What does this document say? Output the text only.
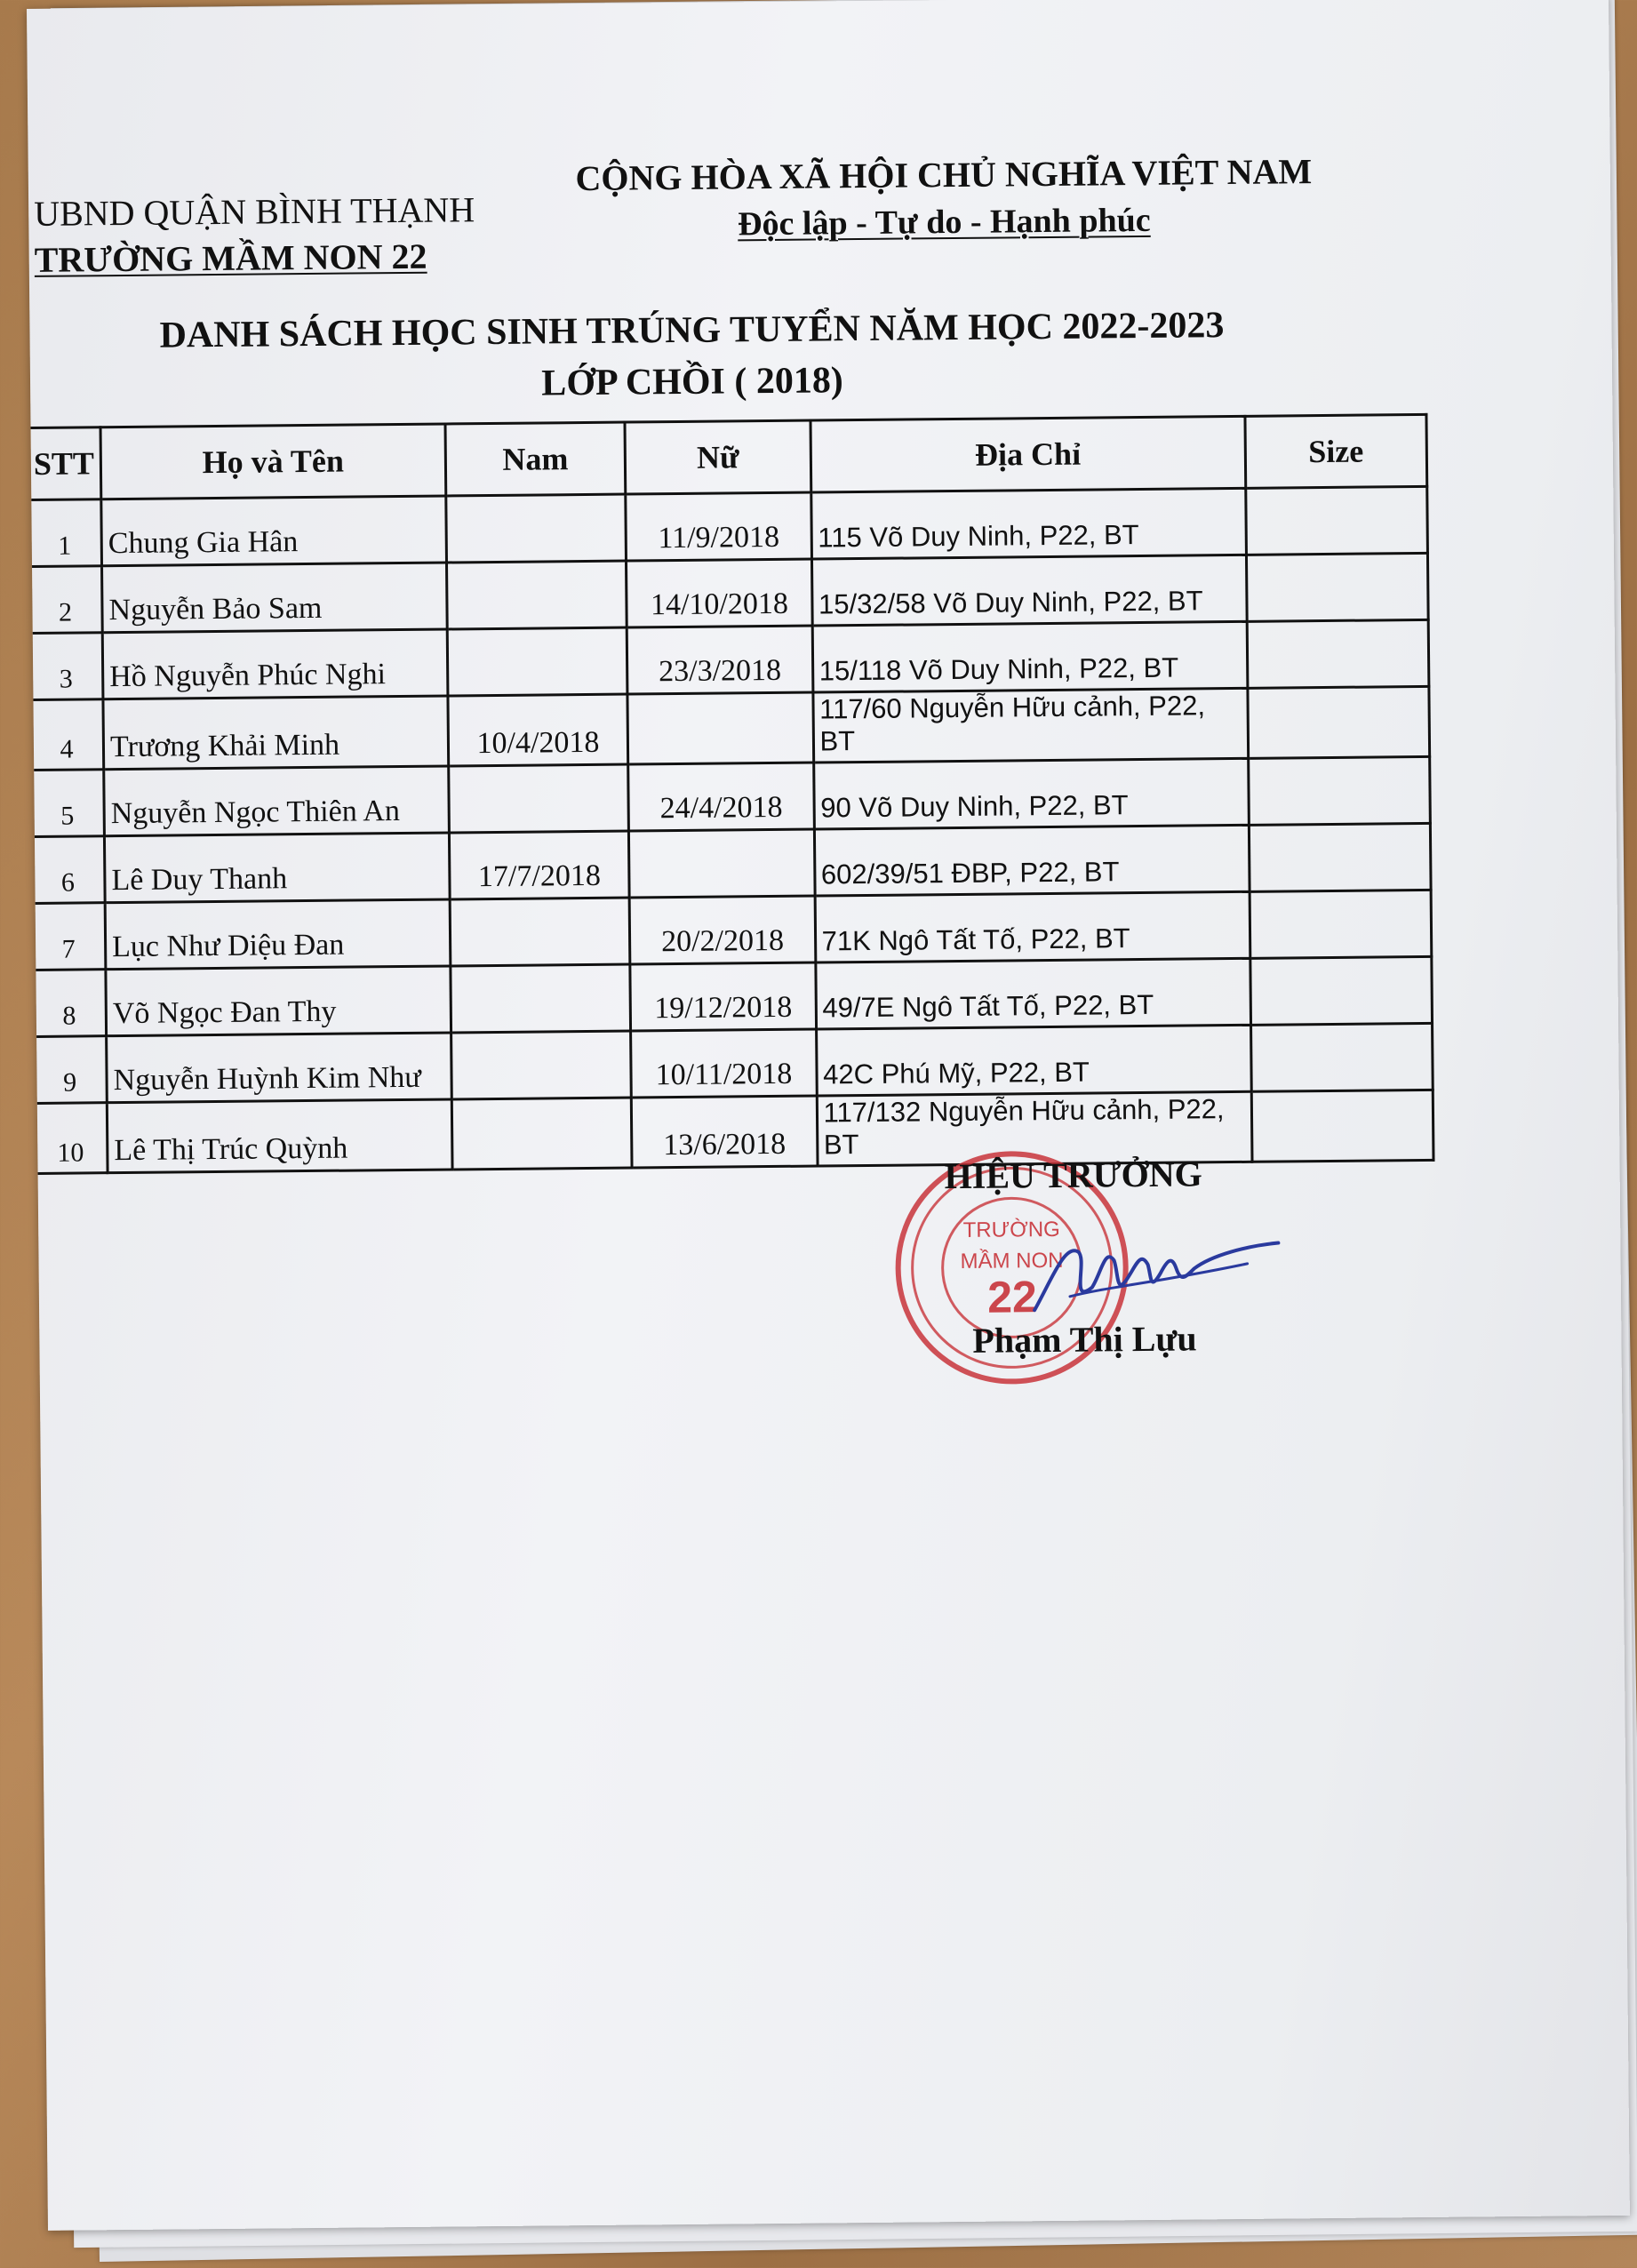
UBND QUẬN BÌNH THẠNH
TRƯỜNG MẦM NON 22
CỘNG HÒA XÃ HỘI CHỦ NGHĨA VIỆT NAM
Độc lập - Tự do - Hạnh phúc
DANH SÁCH HỌC SINH TRÚNG TUYỂN NĂM HỌC 2022-2023
LỚP CHỒI ( 2018)
STT	Họ và Tên	Nam	Nữ	Địa Chỉ	Size
1	Chung Gia Hân		11/9/2018	115 Võ Duy Ninh, P22, BT	
2	Nguyễn Bảo Sam		14/10/2018	15/32/58 Võ Duy Ninh, P22, BT	
3	Hồ Nguyễn Phúc Nghi		23/3/2018	15/118 Võ Duy Ninh, P22, BT	
4	Trương Khải Minh	10/4/2018		117/60 Nguyễn Hữu cảnh, P22, BT	
5	Nguyễn Ngọc Thiên An		24/4/2018	90 Võ Duy Ninh, P22, BT	
6	Lê Duy Thanh	17/7/2018		602/39/51 ĐBP, P22, BT	
7	Lục Như Diệu Đan		20/2/2018	71K Ngô Tất Tố, P22, BT	
8	Võ Ngọc Đan Thy		19/12/2018	49/7E Ngô Tất Tố, P22, BT	
9	Nguyễn Huỳnh Kim Như		10/11/2018	42C Phú Mỹ, P22, BT	
10	Lê Thị Trúc Quỳnh		13/6/2018	117/132 Nguyễn Hữu cảnh, P22, BT	
TRƯỜNG
MẦM NON
22
HIỆU TRƯỞNG
Phạm Thị Lựu
